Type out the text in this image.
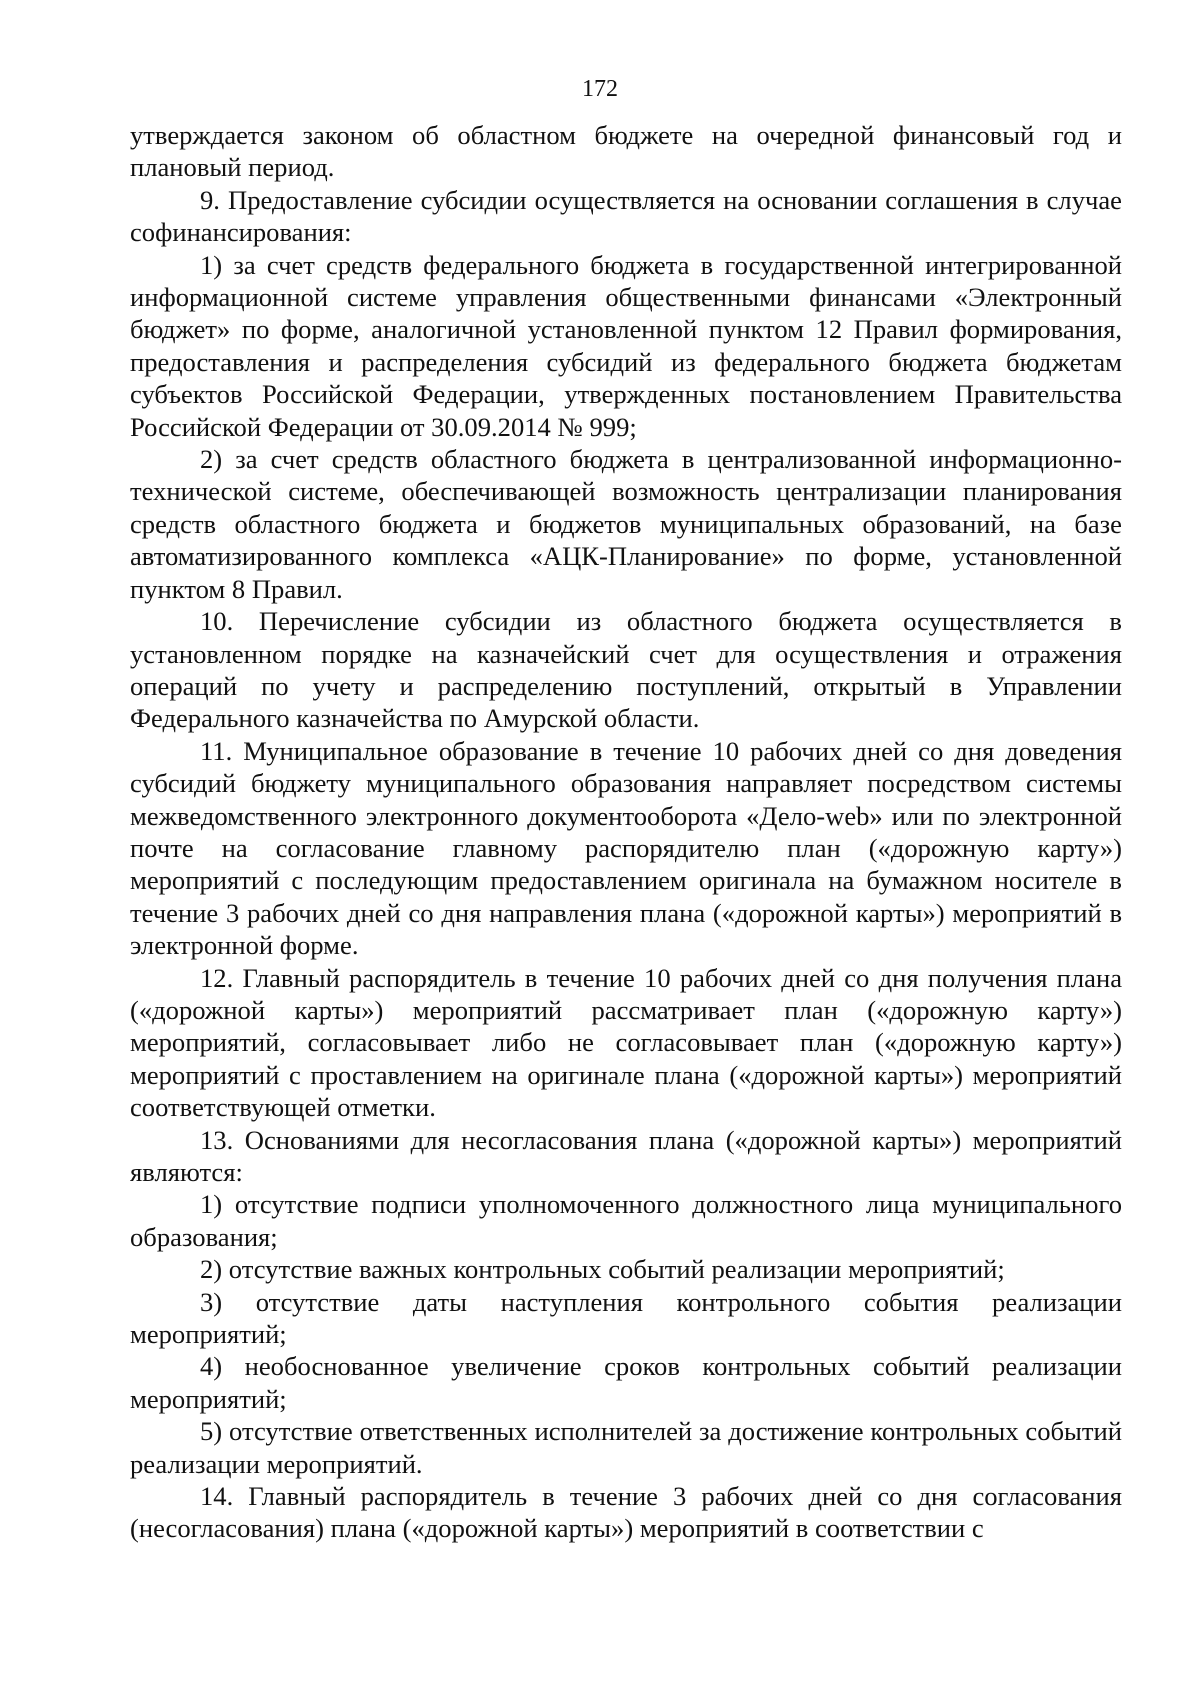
172

утверждается законом об областном бюджете на очередной финансовый год и плановый период.

9. Предоставление субсидии осуществляется на основании соглашения в случае софинансирования:

1) за счет средств федерального бюджета в государственной интегрированной информационной системе управления общественными финансами «Электронный бюджет» по форме, аналогичной установленной пунктом 12 Правил формирования, предоставления и распределения субсидий из федерального бюджета бюджетам субъектов Российской Федерации, утвержденных постановлением Правительства Российской Федерации от 30.09.2014 № 999;

2) за счет средств областного бюджета в централизованной информационно-технической системе, обеспечивающей возможность централизации планирования средств областного бюджета и бюджетов муниципальных образований, на базе автоматизированного комплекса «АЦК-Планирование» по форме, установленной пунктом 8 Правил.

10. Перечисление субсидии из областного бюджета осуществляется в установленном порядке на казначейский счет для осуществления и отражения операций по учету и распределению поступлений, открытый в Управлении Федерального казначейства по Амурской области.

11. Муниципальное образование в течение 10 рабочих дней со дня доведения субсидий бюджету муниципального образования направляет посредством системы межведомственного электронного документооборота «Дело-web» или по электронной почте на согласование главному распорядителю план («дорожную карту») мероприятий с последующим предоставлением оригинала на бумажном носителе в течение 3 рабочих дней со дня направления плана («дорожной карты») мероприятий в электронной форме.

12. Главный распорядитель в течение 10 рабочих дней со дня получения плана («дорожной карты») мероприятий рассматривает план («дорожную карту») мероприятий, согласовывает либо не согласовывает план («дорожную карту») мероприятий с проставлением на оригинале плана («дорожной карты») мероприятий соответствующей отметки.

13. Основаниями для несогласования плана («дорожной карты») мероприятий являются:

1) отсутствие подписи уполномоченного должностного лица муниципального образования;

2) отсутствие важных контрольных событий реализации мероприятий;

3) отсутствие даты наступления контрольного события реализации мероприятий;

4) необоснованное увеличение сроков контрольных событий реализации мероприятий;

5) отсутствие ответственных исполнителей за достижение контрольных событий реализации мероприятий.

14. Главный распорядитель в течение 3 рабочих дней со дня согласования (несогласования) плана («дорожной карты») мероприятий в соответствии с
